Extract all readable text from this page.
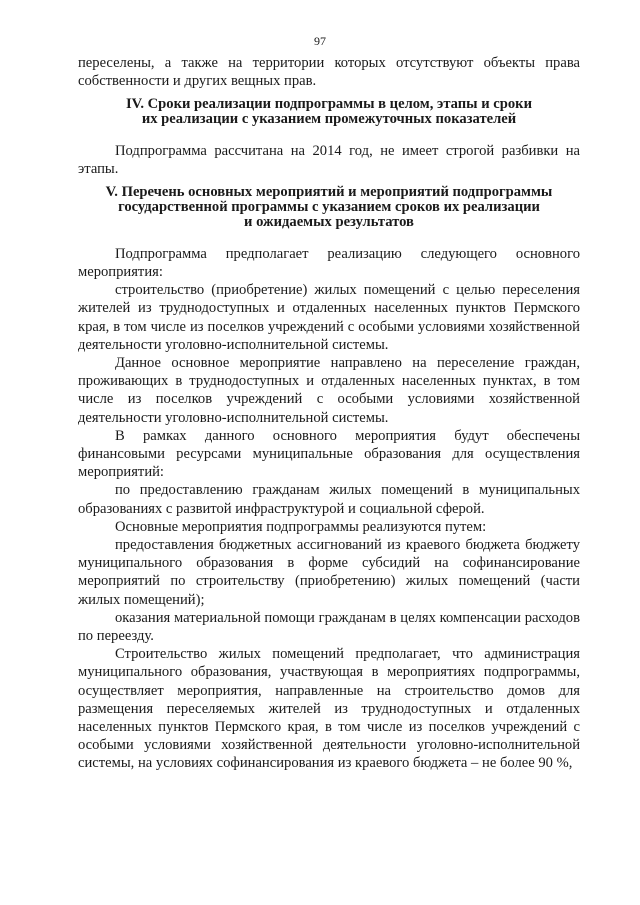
97

переселены, а также на территории которых отсутствуют объекты права собственности и других вещных прав.

IV. Сроки реализации подпрограммы в целом, этапы и сроки
их реализации с указанием промежуточных показателей

Подпрограмма рассчитана на 2014 год, не имеет строгой разбивки на этапы.

V. Перечень основных мероприятий и мероприятий подпрограммы
государственной программы с указанием сроков их реализации
и ожидаемых результатов

Подпрограмма предполагает реализацию следующего основного мероприятия:

строительство (приобретение) жилых помещений с целью переселения жителей из труднодоступных и отдаленных населенных пунктов Пермского края, в том числе из поселков учреждений с особыми условиями хозяйственной деятельности уголовно-исполнительной системы.

Данное основное мероприятие направлено на переселение граждан, проживающих в труднодоступных и отдаленных населенных пунктах, в том числе из поселков учреждений с особыми условиями хозяйственной деятельности уголовно-исполнительной системы.

В рамках данного основного мероприятия будут обеспечены финансовыми ресурсами муниципальные образования для осуществления мероприятий:

по предоставлению гражданам жилых помещений в муниципальных образованиях с развитой инфраструктурой и социальной сферой.

Основные мероприятия подпрограммы реализуются путем:

предоставления бюджетных ассигнований из краевого бюджета бюджету муниципального образования в форме субсидий на софинансирование мероприятий по строительству (приобретению) жилых помещений (части жилых помещений);

оказания материальной помощи гражданам в целях компенсации расходов по переезду.

Строительство жилых помещений предполагает, что администрация муниципального образования, участвующая в мероприятиях подпрограммы, осуществляет мероприятия, направленные на строительство домов для размещения переселяемых жителей из труднодоступных и отдаленных населенных пунктов Пермского края, в том числе из поселков учреждений с особыми условиями хозяйственной деятельности уголовно-исполнительной системы, на условиях софинансирования из краевого бюджета – не более 90 %,
